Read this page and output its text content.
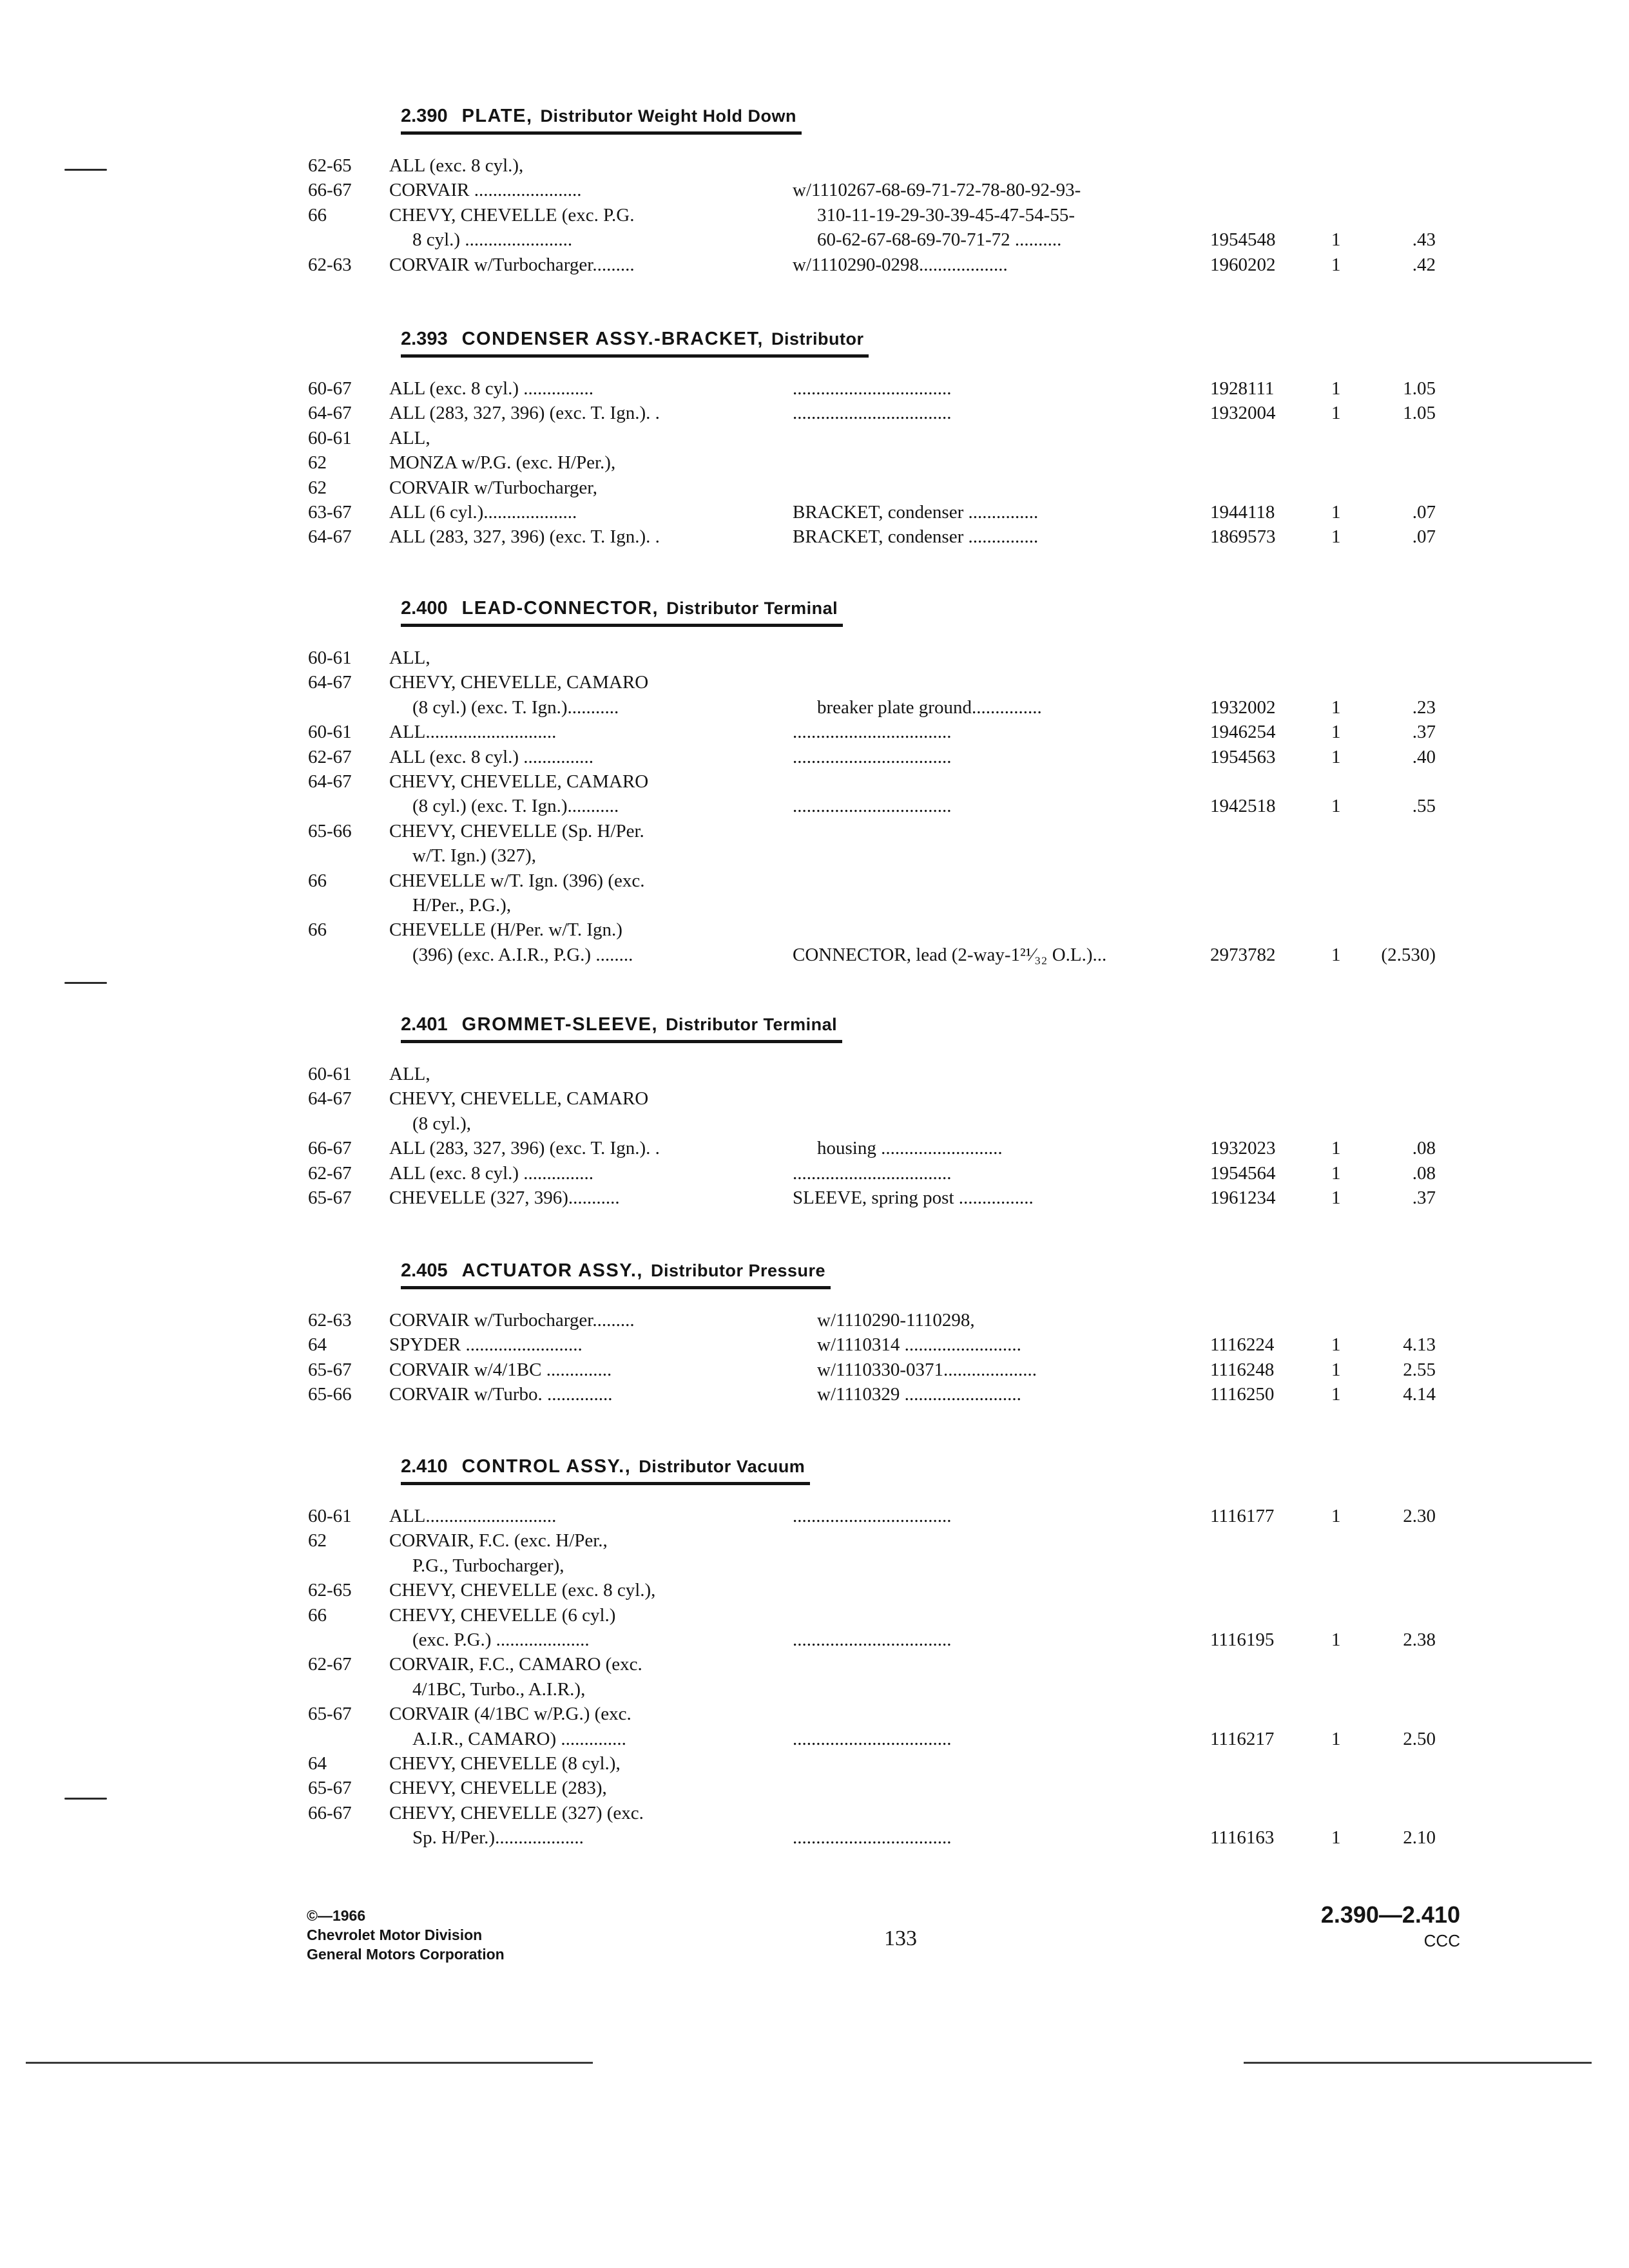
2.390 PLATE, Distributor Weight Hold Down
62-65 ALL (exc. 8 cyl.),
66-67 CORVAIR .......................	w/1110267-68-69-71-72-78-80-92-93-
66	CHEVY, CHEVELLE (exc. P.G.	310-11-19-29-30-39-45-47-54-55-
8 cyl.) .......................	60-62-67-68-69-70-71-72 ..........	1954548	1	.43
62-63 CORVAIR w/Turbocharger.........	w/1110290-0298...................	1960202	1	.42
2.393 CONDENSER ASSY.-BRACKET, Distributor
60-67 ALL (exc. 8 cyl.) ...............	..................................	1928111	1	1.05
64-67 ALL (283, 327, 396) (exc. T. Ign.). .	..................................	1932004	1	1.05
60-61 ALL,
62	MONZA w/P.G. (exc. H/Per.),
62	CORVAIR w/Turbocharger,
63-67 ALL (6 cyl.)....................	BRACKET, condenser ...............	1944118	1	.07
64-67 ALL (283, 327, 396) (exc. T. Ign.). .	BRACKET, condenser ...............	1869573	1	.07
2.400 LEAD-CONNECTOR, Distributor Terminal
60-61 ALL,
64-67 CHEVY, CHEVELLE, CAMARO
(8 cyl.) (exc. T. Ign.)...........	breaker plate ground...............	1932002	1	.23
60-61 ALL............................	..................................	1946254	1	.37
62-67 ALL (exc. 8 cyl.) ...............	..................................	1954563	1	.40
64-67 CHEVY, CHEVELLE, CAMARO
(8 cyl.) (exc. T. Ign.)...........	..................................	1942518	1	.55
65-66 CHEVY, CHEVELLE (Sp. H/Per.
w/T. Ign.) (327),
66	CHEVELLE w/T. Ign. (396) (exc.
H/Per., P.G.),
66	CHEVELLE (H/Per. w/T. Ign.)
(396) (exc. A.I.R., P.G.) ........	CONNECTOR, lead (2-way-1²¹⁄₃₂ O.L.)...	2973782	1 (2.530)
2.401 GROMMET-SLEEVE, Distributor Terminal
60-61 ALL,
64-67 CHEVY, CHEVELLE, CAMARO
(8 cyl.),
66-67 ALL (283, 327, 396) (exc. T. Ign.). .	housing ..........................	1932023	1	.08
62-67 ALL (exc. 8 cyl.) ...............	..................................	1954564	1	.08
65-67 CHEVELLE (327, 396)...........	SLEEVE, spring post ................	1961234	1	.37
2.405 ACTUATOR ASSY., Distributor Pressure
62-63 CORVAIR w/Turbocharger.........	w/1110290-1110298,
64	SPYDER .........................	w/1110314 .........................	1116224	1	4.13
65-67 CORVAIR w/4/1BC ..............	w/1110330-0371....................	1116248	1	2.55
65-66 CORVAIR w/Turbo. ..............	w/1110329 .........................	1116250	1	4.14
2.410 CONTROL ASSY., Distributor Vacuum
60-61 ALL............................	..................................	1116177	1	2.30
62	CORVAIR, F.C. (exc. H/Per.,
P.G., Turbocharger),
62-65 CHEVY, CHEVELLE (exc. 8 cyl.),
66	CHEVY, CHEVELLE (6 cyl.)
(exc. P.G.) ....................	..................................	1116195	1	2.38
62-67 CORVAIR, F.C., CAMARO (exc.
4/1BC, Turbo., A.I.R.),
65-67 CORVAIR (4/1BC w/P.G.) (exc.
A.I.R., CAMARO) ..............	..................................	1116217	1	2.50
64	CHEVY, CHEVELLE (8 cyl.),
65-67 CHEVY, CHEVELLE (283),
66-67 CHEVY, CHEVELLE (327) (exc.
Sp. H/Per.)...................	..................................	1116163	1	2.10
©—1966
Chevrolet Motor Division
General Motors Corporation
133
2.390—2.410
CCC
